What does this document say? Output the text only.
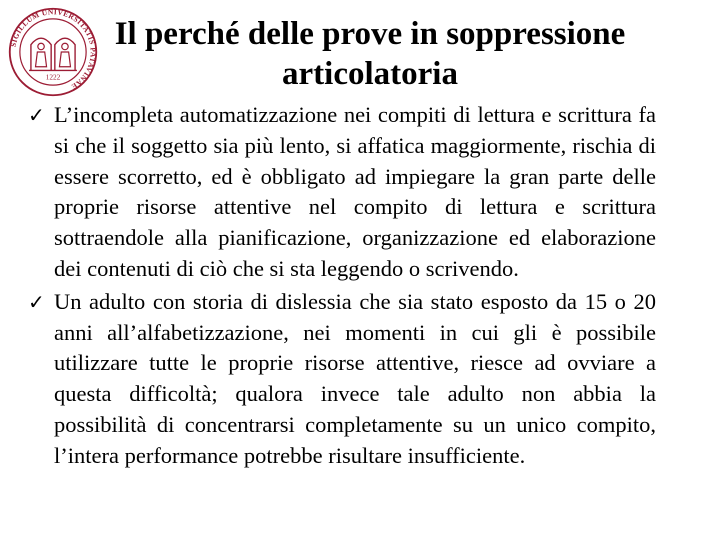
SIGILLUM UNIVERSITATIS PATAVINAE
1222
Il perché delle prove in soppressione articolatoria
✓ L’incompleta automatizzazione nei compiti di lettura e scrittura fa si che il soggetto sia più lento, si affatica maggiormente, rischia di essere scorretto, ed è obbligato ad impiegare la gran parte delle proprie risorse attentive nel compito di lettura e scrittura sottraendole alla pianificazione, organizzazione ed elaborazione dei contenuti di ciò che si sta leggendo o scrivendo.
✓ Un adulto con storia di dislessia che sia stato esposto da 15 o 20 anni all’alfabetizzazione, nei momenti in cui gli è possibile utilizzare tutte le proprie risorse attentive, riesce ad ovviare a questa difficoltà; qualora invece tale adulto non abbia la possibilità di concentrarsi completamente su un unico compito, l’intera performance potrebbe risultare insufficiente.
